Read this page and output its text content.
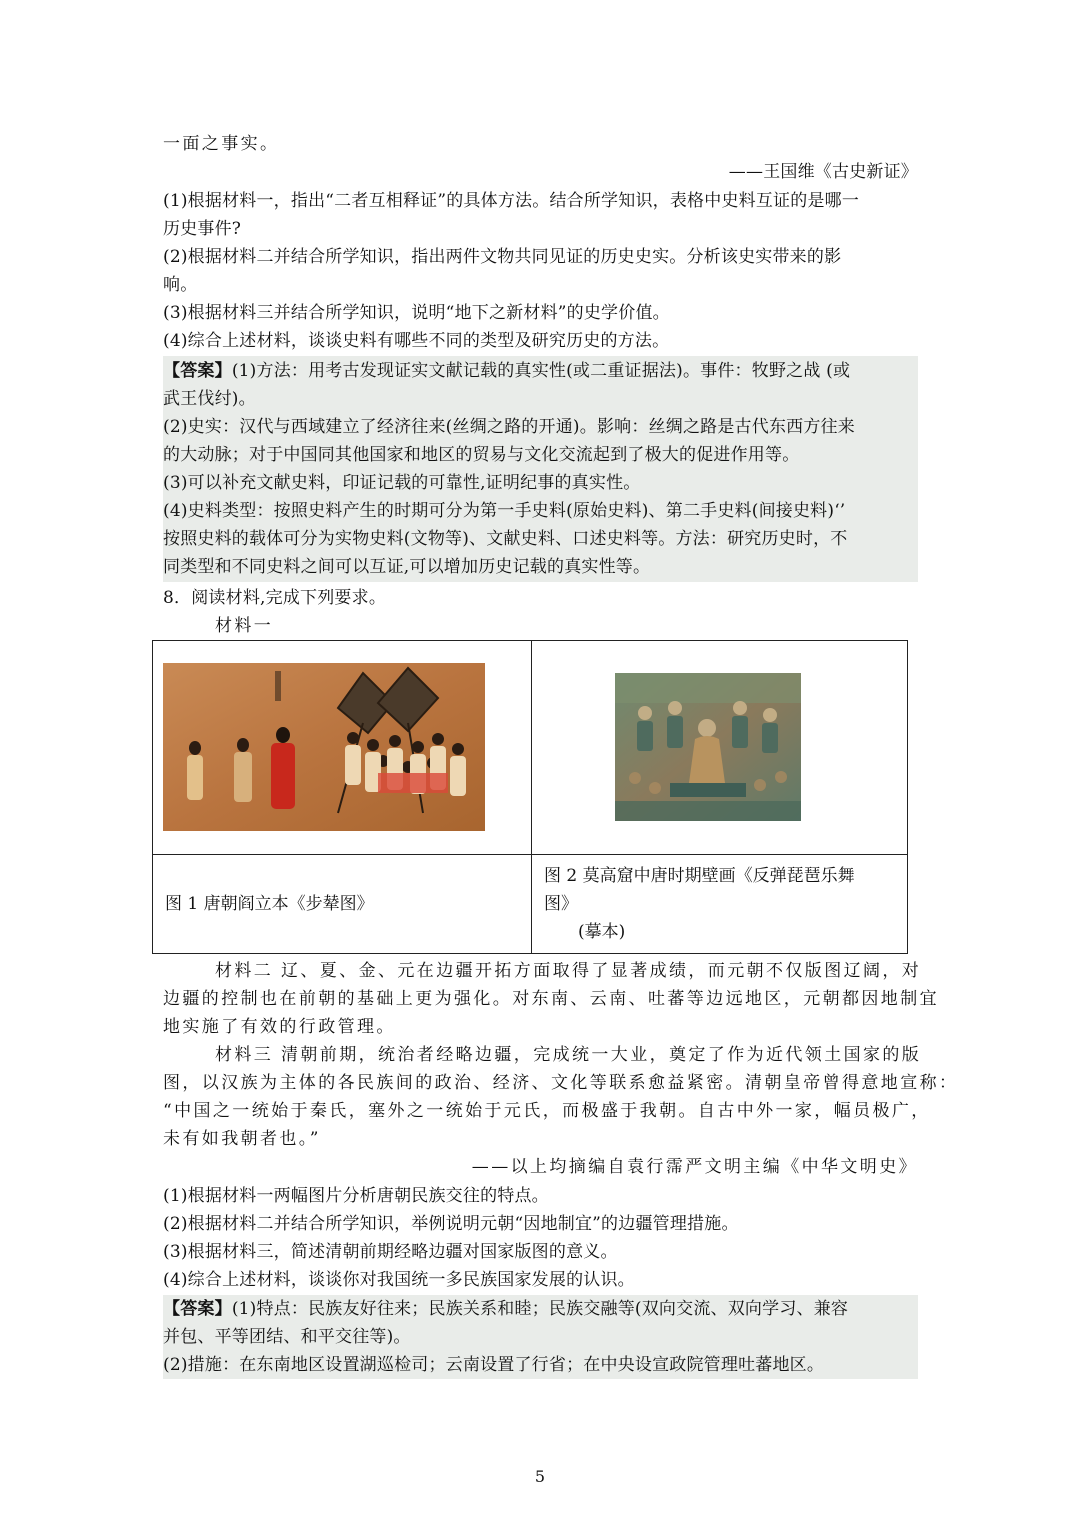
一面之事实。
——王国维《古史新证》
(1)根据材料一，指出“二者互相释证”的具体方法。结合所学知识，表格中史料互证的是哪一
历史事件?
(2)根据材料二并结合所学知识，指出两件文物共同见证的历史史实。分析该史实带来的影
响。
(3)根据材料三并结合所学知识，说明“地下之新材料”的史学价值。
(4)综合上述材料，谈谈史料有哪些不同的类型及研究历史的方法。
【答案】(1)方法：用考古发现证实文献记载的真实性(或二重证据法)。事件：牧野之战 (或
武王伐纣)。
(2)史实：汉代与西域建立了经济往来(丝绸之路的开通)。影响：丝绸之路是古代东西方往来
的大动脉；对于中国同其他国家和地区的贸易与文化交流起到了极大的促进作用等。
(3)可以补充文献史料，印证记载的可靠性,证明纪事的真实性。
(4)史料类型：按照史料产生的时期可分为第一手史料(原始史料)、第二手史料(间接史料)‘’
按照史料的载体可分为实物史料(文物等)、文献史料、口述史料等。方法：研究历史时，不
同类型和不同史料之间可以互证,可以增加历史记载的真实性等。
8．阅读材料,完成下列要求。
材料一

图 1 唐朝阎立本《步辇图》	图 2 莫高窟中唐时期壁画《反弹琵琶乐舞
图》
(摹本)
材料二 辽、夏、金、元在边疆开拓方面取得了显著成绩，而元朝不仅版图辽阔，对
边疆的控制也在前朝的基础上更为强化。对东南、云南、吐蕃等边远地区，元朝都因地制宜
地实施了有效的行政管理。
材料三 清朝前期，统治者经略边疆，完成统一大业，奠定了作为近代领土国家的版
图，以汉族为主体的各民族间的政治、经济、文化等联系愈益紧密。清朝皇帝曾得意地宣称：
“中国之一统始于秦氏，塞外之一统始于元氏，而极盛于我朝。自古中外一家，幅员极广，
未有如我朝者也。”
——以上均摘编自袁行霈严文明主编《中华文明史》
(1)根据材料一两幅图片分析唐朝民族交往的特点。
(2)根据材料二并结合所学知识，举例说明元朝“因地制宜”的边疆管理措施。
(3)根据材料三，简述清朝前期经略边疆对国家版图的意义。
(4)综合上述材料，谈谈你对我国统一多民族国家发展的认识。
【答案】(1)特点：民族友好往来；民族关系和睦；民族交融等(双向交流、双向学习、兼容
并包、平等团结、和平交往等)。
(2)措施：在东南地区设置湖巡检司；云南设置了行省；在中央设宣政院管理吐蕃地区。
5
